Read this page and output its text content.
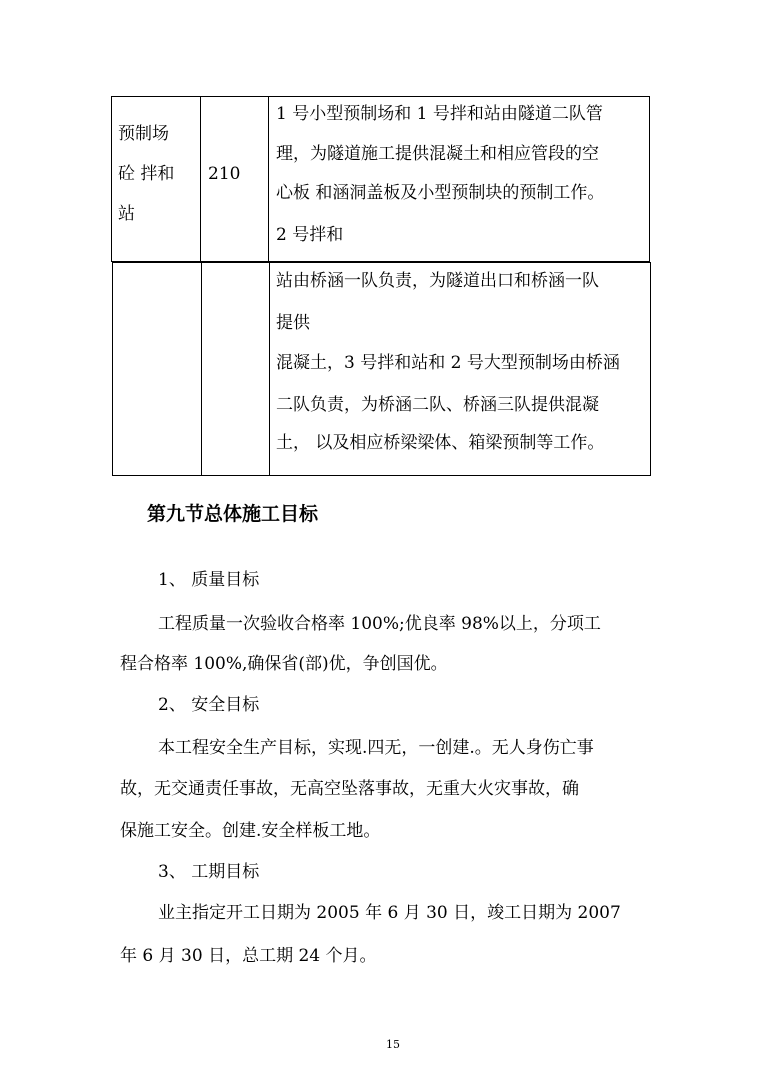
预制场
砼 拌和
站
210
1 号小型预制场和 1 号拌和站由隧道二队管
理，为隧道施工提供混凝土和相应管段的空
心板 和涵洞盖板及小型预制块的预制工作。
2 号拌和
站由桥涵一队负责，为隧道出口和桥涵一队
提供
混凝土，3 号拌和站和 2 号大型预制场由桥涵
二队负责，为桥涵二队、桥涵三队提供混凝
土， 以及相应桥梁梁体、箱梁预制等工作。
第九节总体施工目标
1、 质量目标
工程质量一次验收合格率 100%;优良率 98%以上，分项工
程合格率 100%,确保省(部)优，争创国优。
2、 安全目标
本工程安全生产目标，实现.四无，一创建.。无人身伤亡事
故，无交通责任事故，无高空坠落事故，无重大火灾事故，确
保施工安全。创建.安全样板工地。
3、 工期目标
业主指定开工日期为 2005 年 6 月 30 日，竣工日期为 2007
年 6 月 30 日，总工期 24 个月。
15
